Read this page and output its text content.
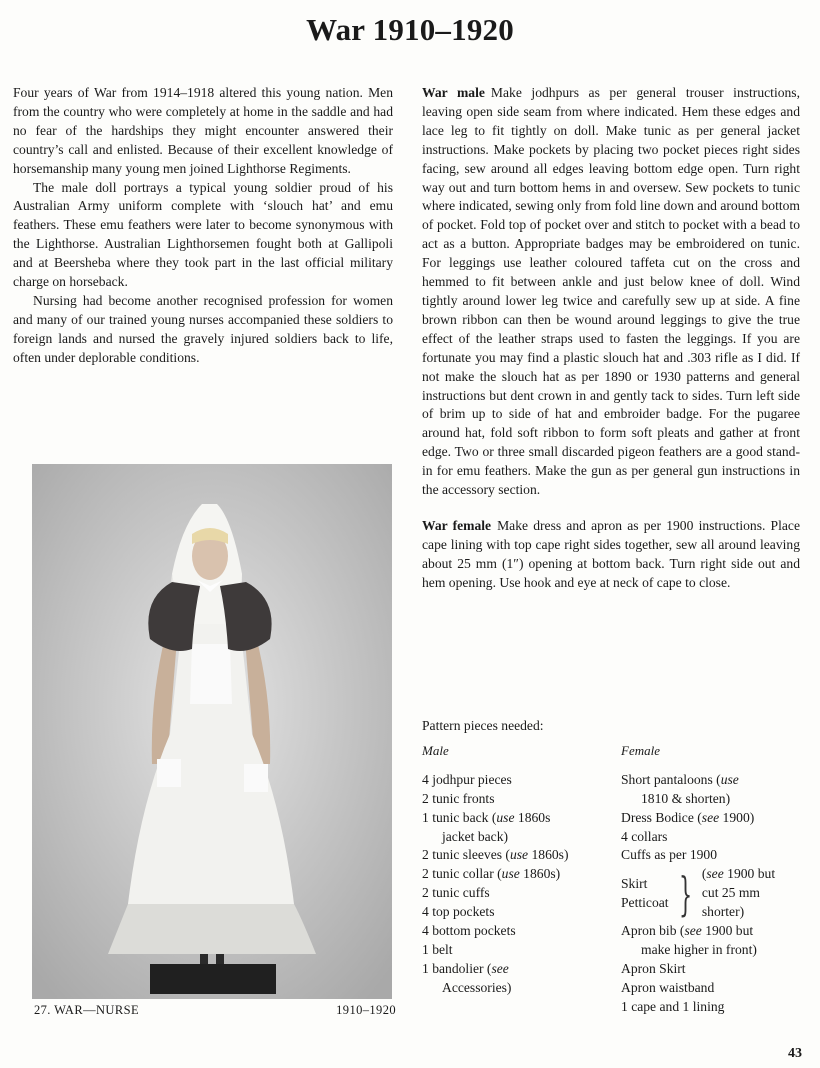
War 1910–1920

Four years of War from 1914–1918 altered this young nation. Men from the country who were completely at home in the saddle and had no fear of the hardships they might encounter answered their country’s call and enlisted. Because of their excellent knowledge of horsemanship many young men joined Lighthorse Regiments.

The male doll portrays a typical young soldier proud of his Australian Army uniform complete with ‘slouch hat’ and emu feathers. These emu feathers were later to become synonymous with the Lighthorse. Australian Lighthorsemen fought both at Gallipoli and at Beersheba where they took part in the last official military charge on horseback.

Nursing had become another recognised profession for women and many of our trained young nurses accompanied these soldiers to foreign lands and nursed the gravely injured soldiers back to life, often under deplorable conditions.

27. WAR—NURSE	1910–1920

War male Make jodhpurs as per general trouser instructions, leaving open side seam from where indicated. Hem these edges and lace leg to fit tightly on doll. Make tunic as per general jacket instructions. Make pockets by placing two pocket pieces right sides facing, sew around all edges leaving bottom edge open. Turn right way out and turn bottom hems in and oversew. Sew pockets to tunic where indicated, sewing only from fold line down and around bottom of pocket. Fold top of pocket over and stitch to pocket with a bead to act as a button. Appropriate badges may be embroidered on tunic. For leggings use leather coloured taffeta cut on the cross and hemmed to fit between ankle and just below knee of doll. Wind tightly around lower leg twice and carefully sew up at side. A fine brown ribbon can then be wound around leggings to give the true effect of the leather straps used to fasten the leggings. If you are fortunate you may find a plastic slouch hat and .303 rifle as I did. If not make the slouch hat as per 1890 or 1930 patterns and general instructions but dent crown in and gently tack to sides. Turn left side of brim up to side of hat and embroider badge. For the pugaree around hat, fold soft ribbon to form soft pleats and gather at front edge. Two or three small discarded pigeon feathers are a good stand-in for emu feathers. Make the gun as per general gun instructions in the accessory section.

War female Make dress and apron as per 1900 instructions. Place cape lining with top cape right sides together, sew all around leaving about 25 mm (1″) opening at bottom back. Turn right side out and hem opening. Use hook and eye at neck of cape to close.

Pattern pieces needed:
Male
4 jodhpur pieces
2 tunic fronts
1 tunic back (use 1860s
jacket back)
2 tunic sleeves (use 1860s)
2 tunic collar (use 1860s)
2 tunic cuffs
4 top pockets
4 bottom pockets
1 belt
1 bandolier (see
Accessories)
Female
Short pantaloons (use
1810 & shorten)
Dress Bodice (see 1900)
4 collars
Cuffs as per 1900
Skirt
Petticoat } (see 1900 but
cut 25 mm
shorter)
Apron bib (see 1900 but
make higher in front)
Apron Skirt
Apron waistband
1 cape and 1 lining
43
